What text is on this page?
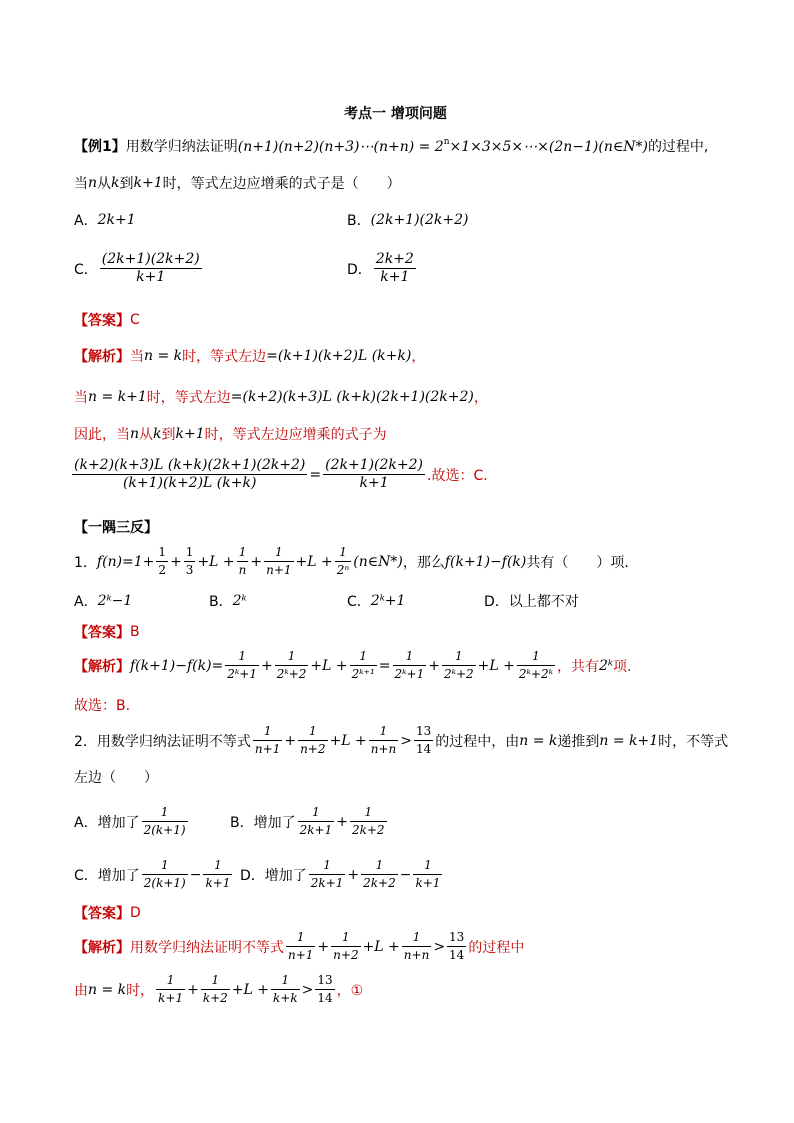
考点一 增项问题
【例1】 用数学归纳法证明 (n+1)(n+2)(n+3)⋯(n+n) = $2^n\times 1\times 3\times 5\times\cdots\times(2n-1)(n\in N*)$ 的过程中,
当 n 从 k 到 k+1 时，等式左边应增乘的式子是（　　）
A． 2k+1	B． (2k+1)(2k+2)
C． $\frac{(2k+1)(2k+2)}{k+1}$	D． $\frac{2k+2}{k+1}$
【答案】 C
【解析】 当 n = k 时，等式左边 =(k+1)(k+2)L (k+k) ，
当 n = k+1 时，等式左边 =(k+2)(k+3)L (k+k)(2k+1)(2k+2) ，
因此，当 n 从 k 到 k+1 时，等式左边应增乘的式子为
$\frac{(k+2)(k+3)L (k+k)(2k+1)(2k+2)}{(k+1)(k+2)L (k+k)} = \frac{(2k+1)(2k+2)}{k+1}$ .故选：C.
【一隅三反】
1． $f(n)=1+ \frac{1}{2} + \frac{1}{3} +L + \frac{1}{n} + \frac{1}{n+1} +L + \frac{1}{\text{2ⁿ}}$ (n∈N*) ，那么 f(k+1)−f(k) 共有（　　）项.
A． 2ᵏ−1	B． 2ᵏ	C． 2ᵏ+1	D． 以上都不对
【答案】 B
【解析】 $f(k+1)-f(k)= \frac{1}{\text{2ᵏ+1}} + \frac{1}{\text{2ᵏ+2}} +L + \frac{1}{\text{2ᵏ⁺¹}} = \frac{1}{\text{2ᵏ+1}} + \frac{1}{\text{2ᵏ+2}} +L + \frac{1}{\text{2ᵏ+2ᵏ}}$ ，共有 2ᵏ 项.
故选：B.
2． 用数学归纳法证明不等式 $\frac{1}{n+1} + \frac{1}{n+2} +L + \frac{1}{n+n} > \frac{13}{14}$ 的过程中，由 n = k 递推到 n = k+1 时，不等式
左边（　　）
A．增加了 $\frac{1}{2(k+1)}$	B．增加了 $\frac{1}{2k+1} + \frac{1}{2k+2}$
C．增加了 $\frac{1}{2(k+1)} - \frac{1}{k+1}$ D．增加了 $\frac{1}{2k+1} + \frac{1}{2k+2} - \frac{1}{k+1}$
【答案】 D
【解析】 用数学归纳法证明不等式 $\frac{1}{n+1} + \frac{1}{n+2} +L + \frac{1}{n+n} > \frac{13}{14}$ 的过程中
由 n = k 时， $\frac{1}{k+1} + \frac{1}{k+2} +L + \frac{1}{k+k} > \frac{13}{14}$ ，①
